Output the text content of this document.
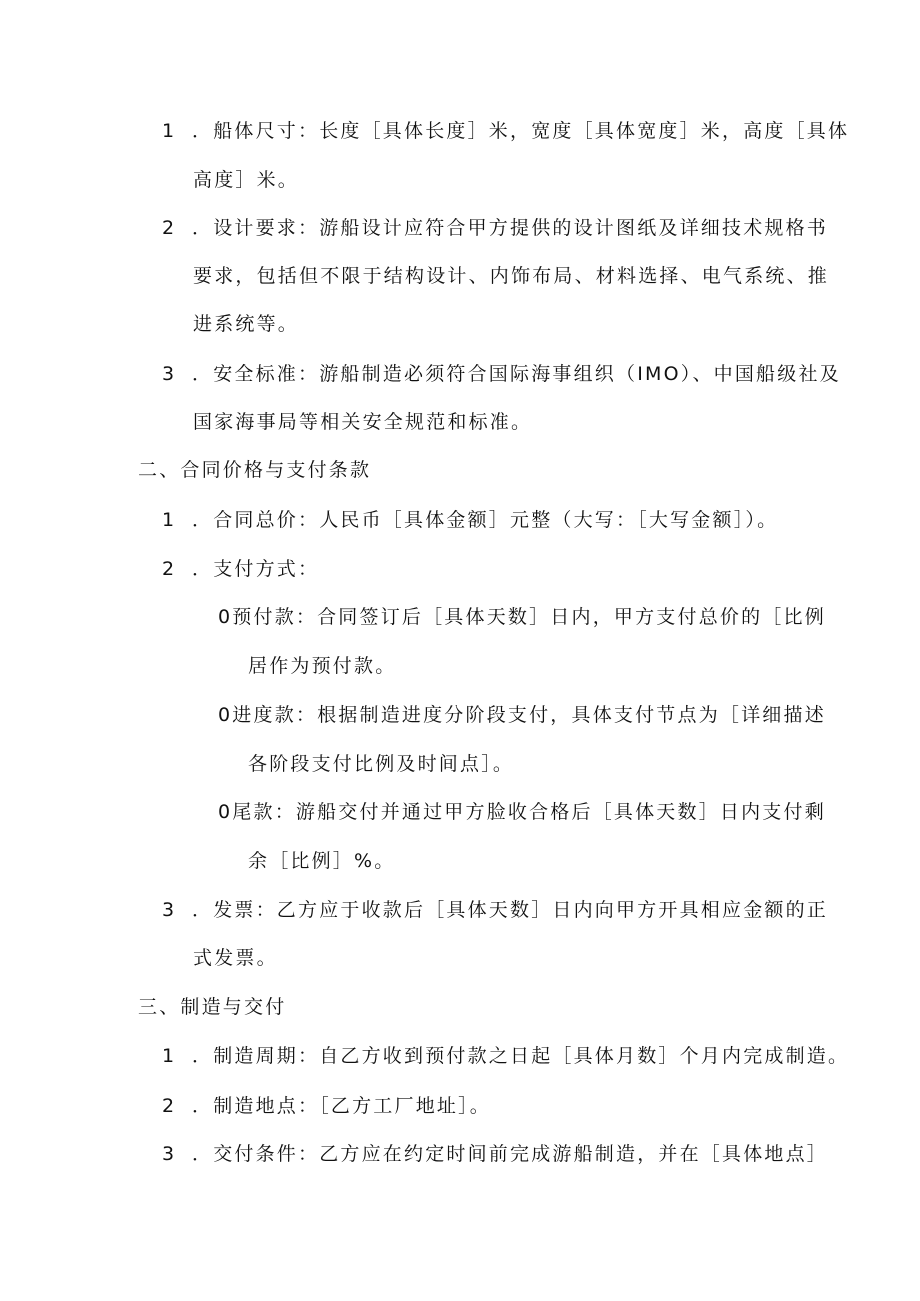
1 ．船体尺寸：长度［具体长度］米，宽度［具体宽度］米，高度［具体
高度］米。
2 ．设计要求：游船设计应符合甲方提供的设计图纸及详细技术规格书
要求，包括但不限于结构设计、内饰布局、材料选择、电气系统、推
进系统等。
3 ．安全标准：游船制造必须符合国际海事组织（IMO）、中国船级社及
国家海事局等相关安全规范和标准。
二、合同价格与支付条款
1 ．合同总价：人民币［具体金额］元整（大写：［大写金额］）。
2 ．支付方式：
0预付款：合同签订后［具体天数］日内，甲方支付总价的［比例
居作为预付款。
0进度款：根据制造进度分阶段支付，具体支付节点为［详细描述
各阶段支付比例及时间点］。
0尾款：游船交付并通过甲方脸收合格后［具体天数］日内支付剩
余［比例］%。
3 ．发票：乙方应于收款后［具体天数］日内向甲方开具相应金额的正
式发票。
三、制造与交付
1 ．制造周期：自乙方收到预付款之日起［具体月数］个月内完成制造。
2 ．制造地点：［乙方工厂地址］。
3 ．交付条件：乙方应在约定时间前完成游船制造，并在［具体地点］
